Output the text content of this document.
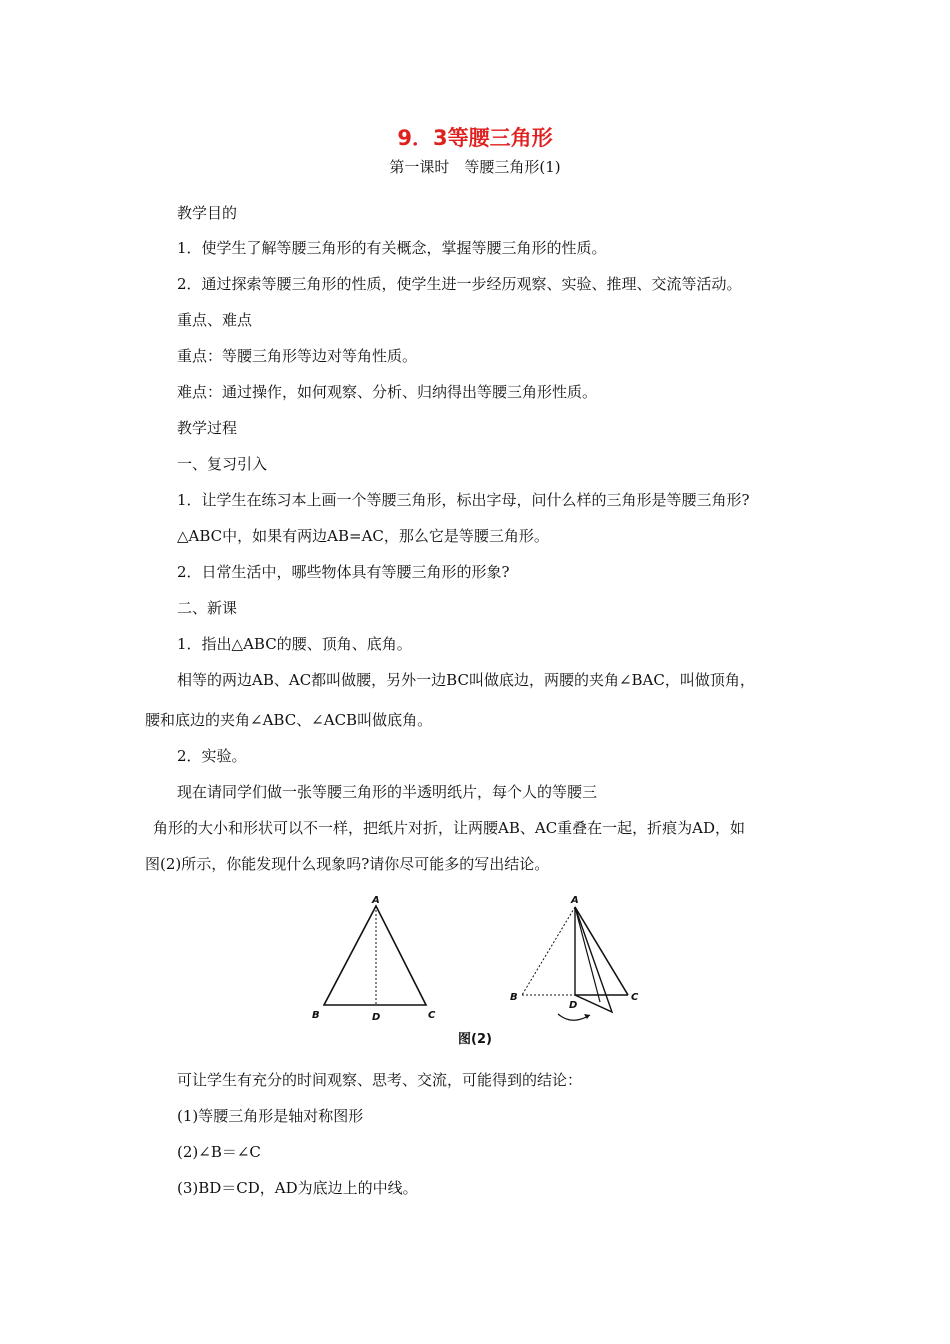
9．3等腰三角形
第一课时　等腰三角形(1)
教学目的
1．使学生了解等腰三角形的有关概念，掌握等腰三角形的性质。
2．通过探索等腰三角形的性质，使学生进一步经历观察、实验、推理、交流等活动。
重点、难点
重点：等腰三角形等边对等角性质。
难点：通过操作，如何观察、分析、归纳得出等腰三角形性质。
教学过程
一、复习引入
1．让学生在练习本上画一个等腰三角形，标出字母，问什么样的三角形是等腰三角形?
△ABC中，如果有两边AB=AC，那么它是等腰三角形。
2．日常生活中，哪些物体具有等腰三角形的形象?
二、新课
1．指出△ABC的腰、顶角、底角。
相等的两边AB、AC都叫做腰，另外一边BC叫做底边，两腰的夹角∠BAC，叫做顶角，
腰和底边的夹角∠ABC、∠ACB叫做底角。
2．实验。
现在请同学们做一张等腰三角形的半透明纸片，每个人的等腰三
角形的大小和形状可以不一样，把纸片对折，让两腰AB、AC重叠在一起，折痕为AD，如
图(2)所示，你能发现什么现象吗?请你尽可能多的写出结论。
A
B	C
D
A
B	C
D
图(2)
可让学生有充分的时间观察、思考、交流，可能得到的结论：
(1)等腰三角形是轴对称图形
(2)∠B＝∠C
(3)BD＝CD，AD为底边上的中线。
